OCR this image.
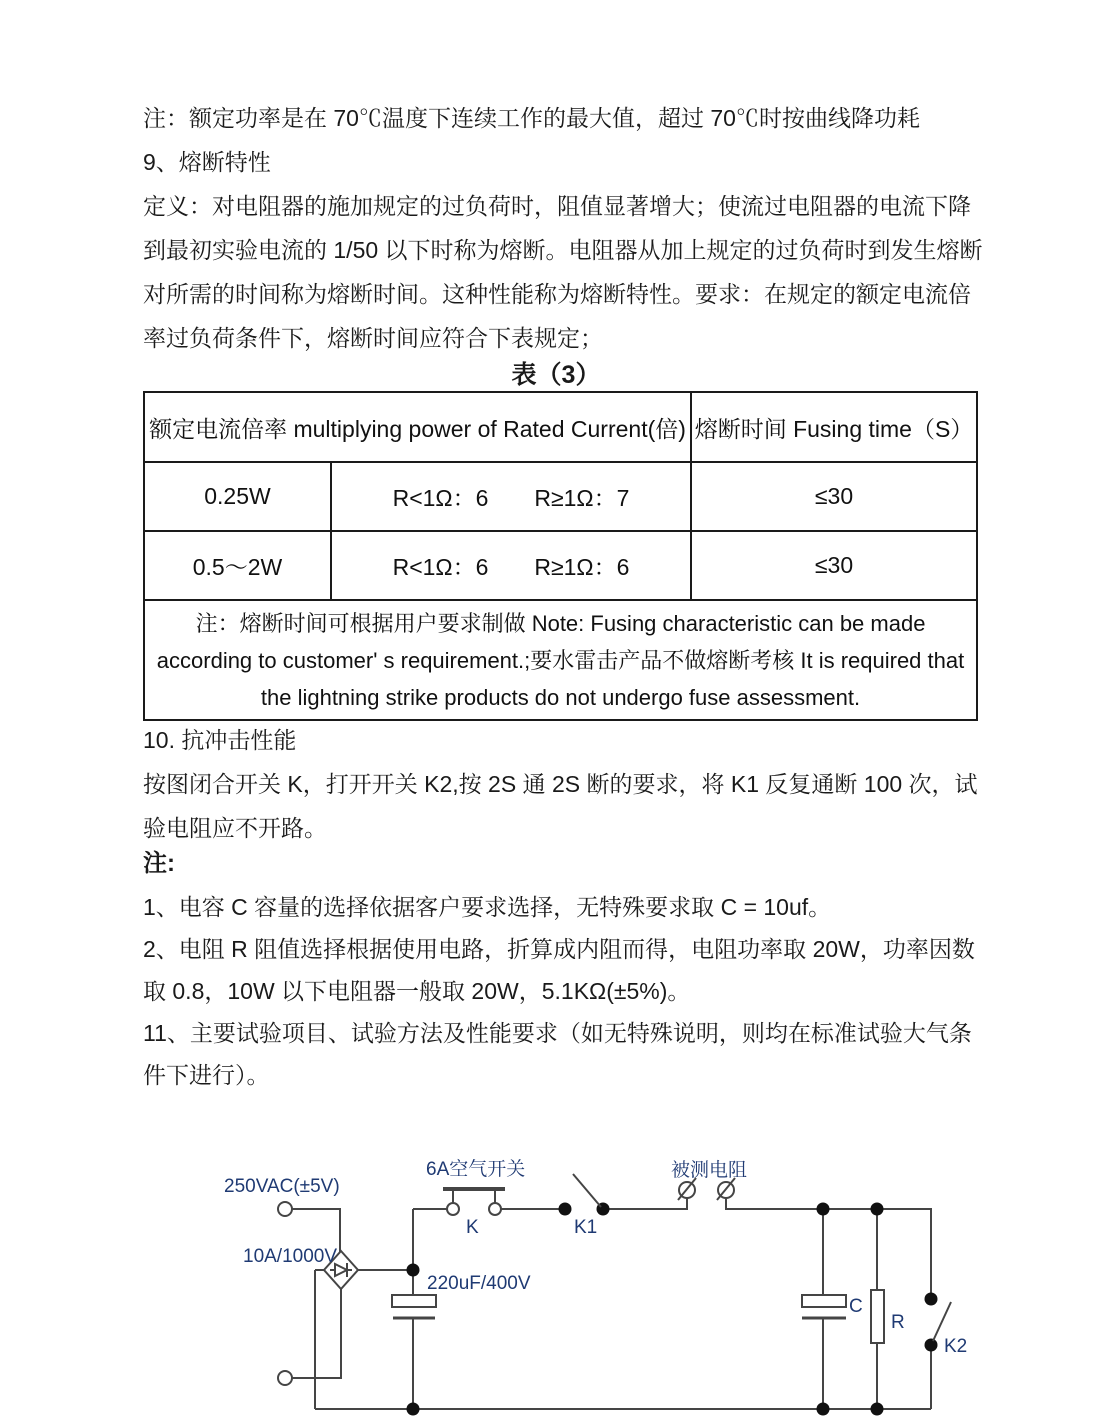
注：额定功率是在 70℃温度下连续工作的最大值，超过 70℃时按曲线降功耗
9、熔断特性
定义：对电阻器的施加规定的过负荷时，阻值显著增大；使流过电阻器的电流下降
到最初实验电流的 1/50 以下时称为熔断。电阻器从加上规定的过负荷时到发生熔断
对所需的时间称为熔断时间。这种性能称为熔断特性。要求：在规定的额定电流倍
率过负荷条件下，熔断时间应符合下表规定；
表（3）
额定电流倍率 multiplying power of Rated Current(倍)		熔断时间 Fusing time（S）
0.25W	R<1Ω：6　　R≥1Ω：7	≤30
0.5～2W	R<1Ω：6　　R≥1Ω：6	≤30
注：熔断时间可根据用户要求制做 Note: Fusing characteristic can be made according to customer' s requirement.;要水雷击产品不做熔断考核 It is required that the lightning strike products do not undergo fuse assessment.		
10. 抗冲击性能
按图闭合开关 K，打开开关 K2,按 2S 通 2S 断的要求，将 K1 反复通断 100 次，试
验电阻应不开路。
注:
1、电容 C 容量的选择依据客户要求选择，无特殊要求取 C = 10uf。
2、电阻 R 阻值选择根据使用电路，折算成内阻而得，电阻功率取 20W，功率因数
取 0.8，10W 以下电阻器一般取 20W，5.1KΩ(±5%)。
11、主要试验项目、试验方法及性能要求（如无特殊说明，则均在标准试验大气条
件下进行）。
250VAC(±5V)
10A/1000V
6A空气开关
K	K1
被测电阻
220uF/400V
C
R
K2
